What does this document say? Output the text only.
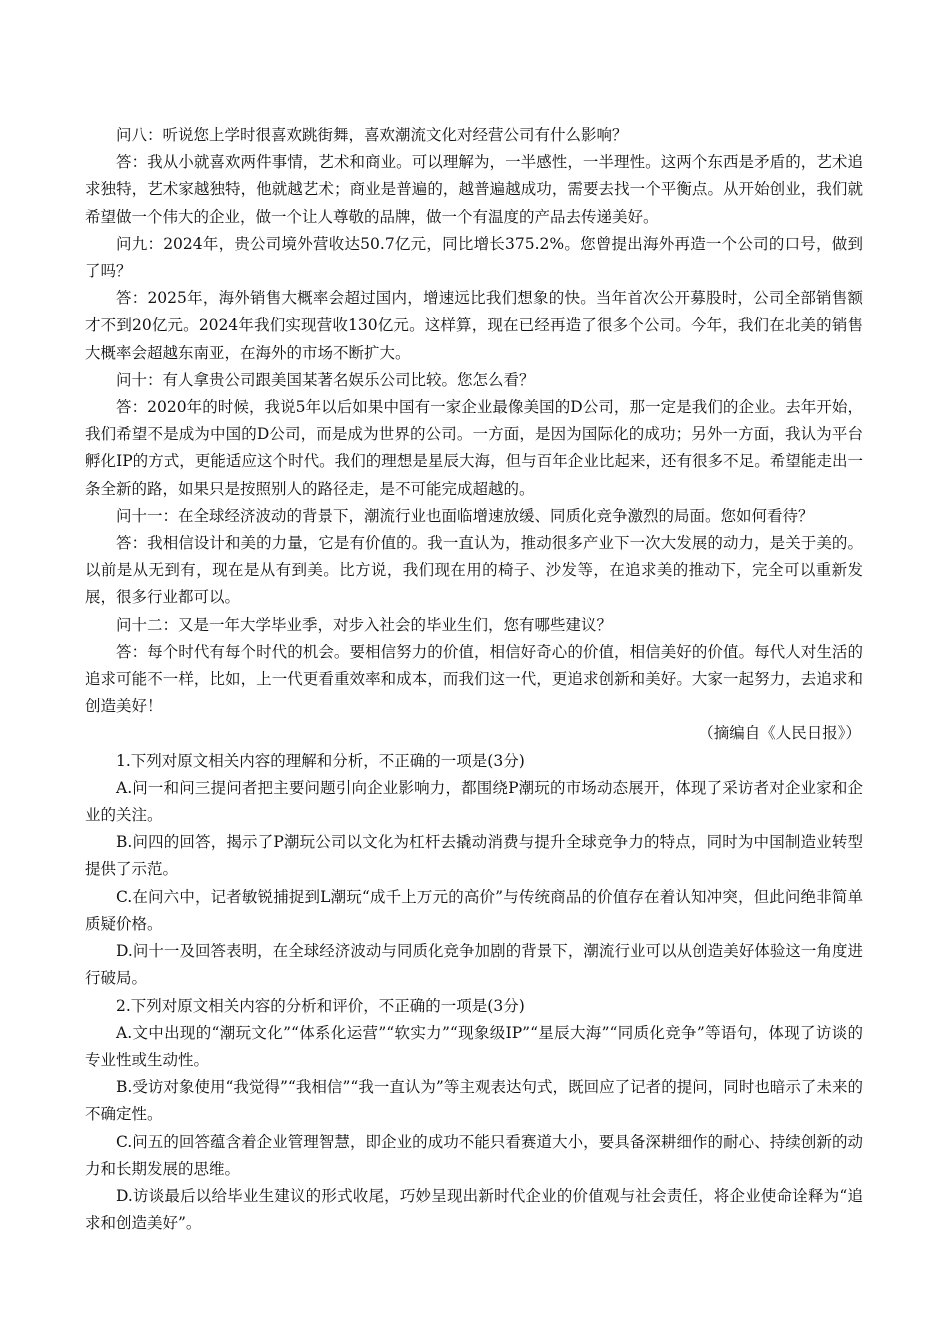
问八：听说您上学时很喜欢跳街舞，喜欢潮流文化对经营公司有什么影响？

答：我从小就喜欢两件事情，艺术和商业。可以理解为，一半感性，一半理性。这两个东西是矛盾的，艺术追求独特，艺术家越独特，他就越艺术；商业是普遍的，越普遍越成功，需要去找一个平衡点。从开始创业，我们就希望做一个伟大的企业，做一个让人尊敬的品牌，做一个有温度的产品去传递美好。

问九：2024年，贵公司境外营收达50.7亿元，同比增长375.2%。您曾提出海外再造一个公司的口号，做到了吗？

答：2025年，海外销售大概率会超过国内，增速远比我们想象的快。当年首次公开募股时，公司全部销售额才不到20亿元。2024年我们实现营收130亿元。这样算，现在已经再造了很多个公司。今年，我们在北美的销售大概率会超越东南亚，在海外的市场不断扩大。

问十：有人拿贵公司跟美国某著名娱乐公司比较。您怎么看？

答：2020年的时候，我说5年以后如果中国有一家企业最像美国的D公司，那一定是我们的企业。去年开始，我们希望不是成为中国的D公司，而是成为世界的公司。一方面，是因为国际化的成功；另外一方面，我认为平台孵化IP的方式，更能适应这个时代。我们的理想是星辰大海，但与百年企业比起来，还有很多不足。希望能走出一条全新的路，如果只是按照别人的路径走，是不可能完成超越的。

问十一：在全球经济波动的背景下，潮流行业也面临增速放缓、同质化竞争激烈的局面。您如何看待？

答：我相信设计和美的力量，它是有价值的。我一直认为，推动很多产业下一次大发展的动力，是关于美的。以前是从无到有，现在是从有到美。比方说，我们现在用的椅子、沙发等，在追求美的推动下，完全可以重新发展，很多行业都可以。

问十二：又是一年大学毕业季，对步入社会的毕业生们，您有哪些建议？

答：每个时代有每个时代的机会。要相信努力的价值，相信好奇心的价值，相信美好的价值。每代人对生活的追求可能不一样，比如，上一代更看重效率和成本，而我们这一代，更追求创新和美好。大家一起努力，去追求和创造美好！

（摘编自《人民日报》）

1.下列对原文相关内容的理解和分析，不正确的一项是(3分)

A.问一和问三提问者把主要问题引向企业影响力，都围绕P潮玩的市场动态展开，体现了采访者对企业家和企业的关注。

B.问四的回答，揭示了P潮玩公司以文化为杠杆去撬动消费与提升全球竞争力的特点，同时为中国制造业转型提供了示范。

C.在问六中，记者敏锐捕捉到L潮玩“成千上万元的高价”与传统商品的价值存在着认知冲突，但此问绝非简单质疑价格。

D.问十一及回答表明，在全球经济波动与同质化竞争加剧的背景下，潮流行业可以从创造美好体验这一角度进行破局。

2.下列对原文相关内容的分析和评价，不正确的一项是(3分)

A.文中出现的“潮玩文化”“体系化运营”“软实力”“现象级IP”“星辰大海”“同质化竞争”等语句，体现了访谈的专业性或生动性。

B.受访对象使用“我觉得”“我相信”“我一直认为”等主观表达句式，既回应了记者的提问，同时也暗示了未来的不确定性。

C.问五的回答蕴含着企业管理智慧，即企业的成功不能只看赛道大小，要具备深耕细作的耐心、持续创新的动力和长期发展的思维。

D.访谈最后以给毕业生建议的形式收尾，巧妙呈现出新时代企业的价值观与社会责任，将企业使命诠释为“追求和创造美好”。
